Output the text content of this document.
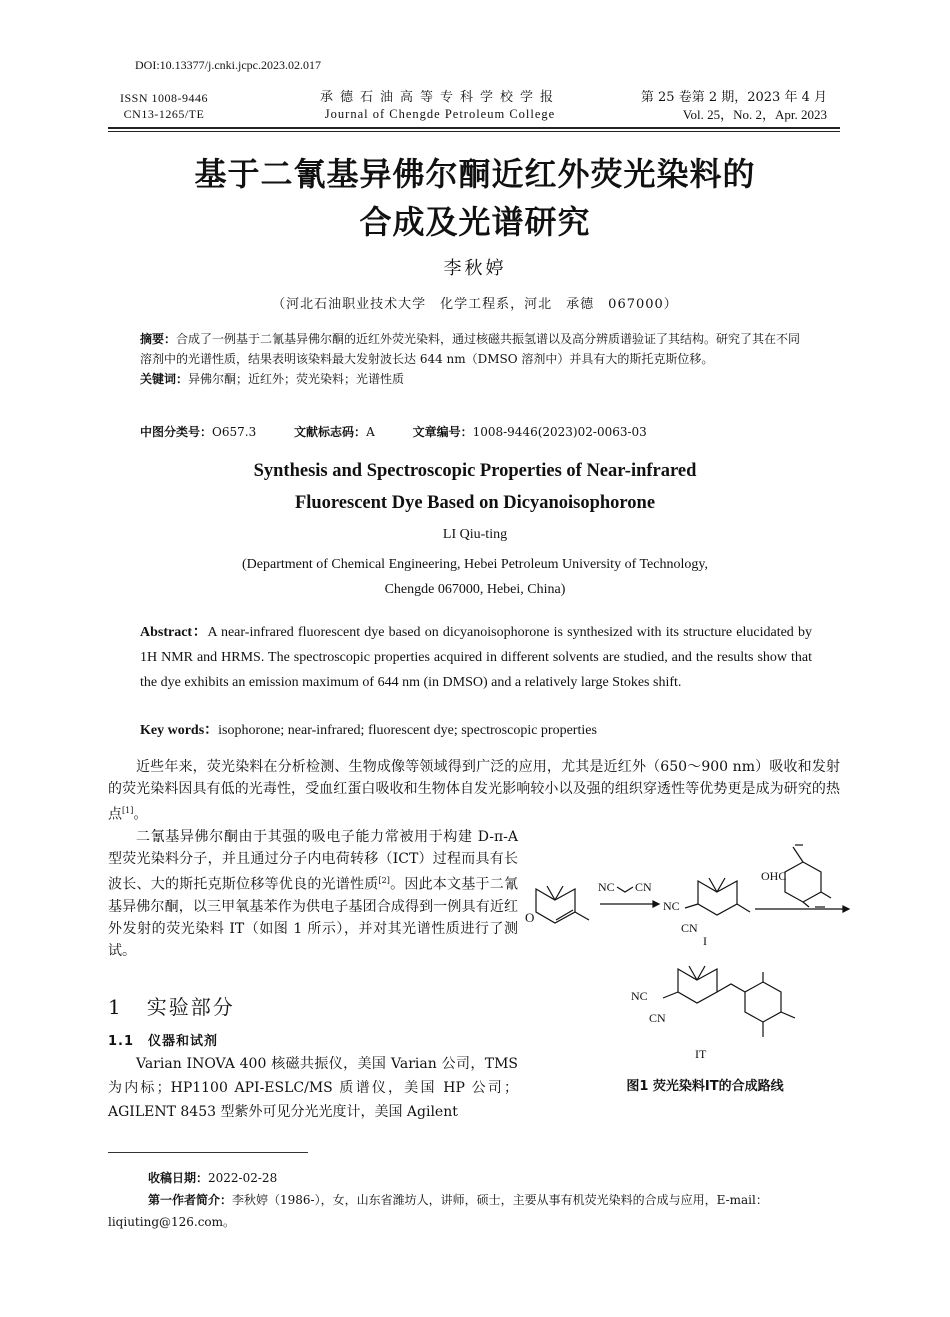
DOI:10.13377/j.cnki.jcpc.2023.02.017
ISSN 1008-9446
CN13-1265/TE
承德石油高等专科学校学报
Journal of Chengde Petroleum College
第 25 卷第 2 期，2023 年 4 月
Vol. 25，No. 2，Apr. 2023
基于二氰基异佛尔酮近红外荧光染料的
合成及光谱研究
李秋婷
（河北石油职业技术大学　化学工程系，河北　承德　067000）
摘要：合成了一例基于二氰基异佛尔酮的近红外荧光染料，通过核磁共振氢谱以及高分辨质谱验证了其结构。研究了其在不同溶剂中的光谱性质，结果表明该染料最大发射波长达 644 nm（DMSO 溶剂中）并具有大的斯托克斯位移。
关键词：异佛尔酮；近红外；荧光染料；光谱性质
中图分类号：O657.3	文献标志码：A	文章编号：1008-9446(2023)02-0063-03
Synthesis and Spectroscopic Properties of Near-infrared
Fluorescent Dye Based on Dicyanoisophorone
LI Qiu-ting
(Department of Chemical Engineering, Hebei Petroleum University of Technology,
Chengde 067000, Hebei, China)
Abstract：A near-infrared fluorescent dye based on dicyanoisophorone is synthesized with its structure elucidated by 1H NMR and HRMS. The spectroscopic properties acquired in different solvents are studied, and the results show that the dye exhibits an emission maximum of 644 nm (in DMSO) and a relatively large Stokes shift.
Key words：isophorone; near-infrared; fluorescent dye; spectroscopic properties
近些年来，荧光染料在分析检测、生物成像等领域得到广泛的应用，尤其是近红外（650～900 nm）吸收和发射的荧光染料因具有低的光毒性，受血红蛋白吸收和生物体自发光影响较小以及强的组织穿透性等优势更是成为研究的热点[1]。
二氰基异佛尔酮由于其强的吸电子能力常被用于构建 D-π-A 型荧光染料分子，并且通过分子内电荷转移（ICT）过程而具有长波长、大的斯托克斯位移等优良的光谱性质[2]。因此本文基于二氰基异佛尔酮，以三甲氧基苯作为供电子基团合成得到一例具有近红外发射的荧光染料 IT（如图 1 所示），并对其光谱性质进行了测试。
1 实验部分
1.1　仪器和试剂
Varian INOVA 400 核磁共振仪，美国 Varian 公司，TMS 为内标；HP1100 API-ESLC/MS 质谱仪，美国 HP 公司；AGILENT 8453 型紫外可见分光光度计，美国 Agilent
O
NC CN
NC
CN
I
OHC
NC
CN
IT
图1 荧光染料IT的合成路线
收稿日期：2022-02-28
第一作者简介：李秋婷（1986-），女，山东省潍坊人，讲师，硕士，主要从事有机荧光染料的合成与应用，E-mail：liqiuting@126.com。
